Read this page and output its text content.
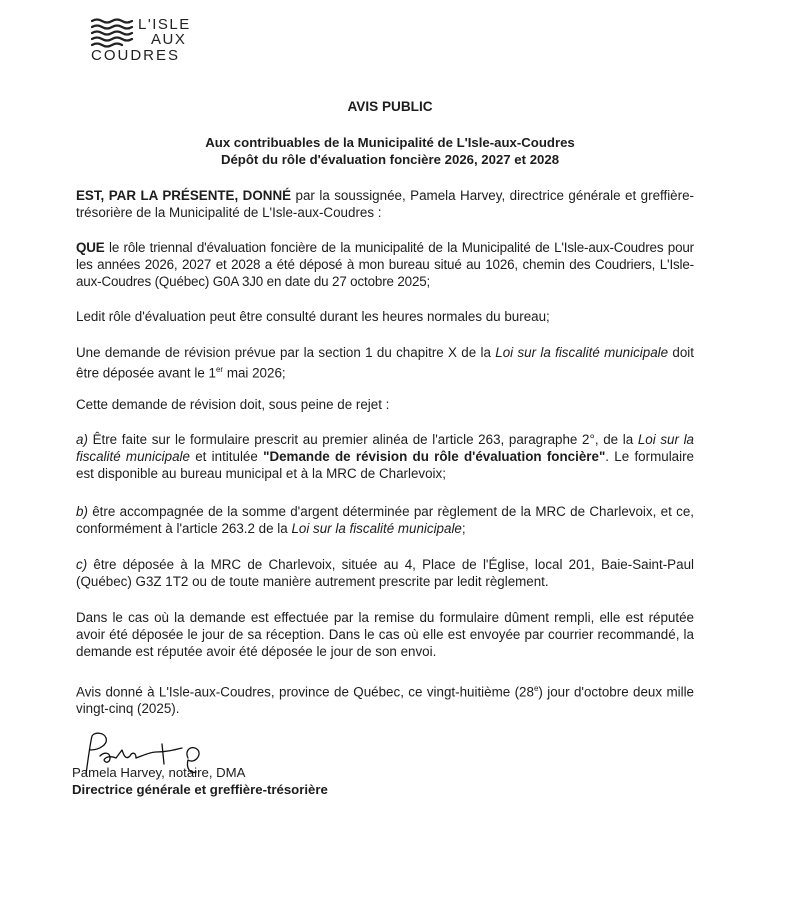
L'ISLE
AUX
COUDRES
AVIS PUBLIC
Aux contribuables de la Municipalité de L'Isle-aux-Coudres
Dépôt du rôle d'évaluation foncière 2026, 2027 et 2028

EST, PAR LA PRÉSENTE, DONNÉ par la soussignée, Pamela Harvey, directrice générale et greffière-trésorière de la Municipalité de L'Isle-aux-Coudres :

QUE le rôle triennal d'évaluation foncière de la municipalité de la Municipalité de L'Isle-aux-Coudres pour les années 2026, 2027 et 2028 a été déposé à mon bureau situé au 1026, chemin des Coudriers, L'Isle-aux-Coudres (Québec) G0A 3J0 en date du 27 octobre 2025;

Ledit rôle d'évaluation peut être consulté durant les heures normales du bureau;

Une demande de révision prévue par la section 1 du chapitre X de la Loi sur la fiscalité municipale doit être déposée avant le 1er mai 2026;

Cette demande de révision doit, sous peine de rejet :

a) Être faite sur le formulaire prescrit au premier alinéa de l'article 263, paragraphe 2°, de la Loi sur la fiscalité municipale et intitulée "Demande de révision du rôle d'évaluation foncière". Le formulaire est disponible au bureau municipal et à la MRC de Charlevoix;

b) être accompagnée de la somme d'argent déterminée par règlement de la MRC de Charlevoix, et ce, conformément à l'article 263.2 de la Loi sur la fiscalité municipale;

c) être déposée à la MRC de Charlevoix, située au 4, Place de l'Église, local 201, Baie-Saint-Paul (Québec) G3Z 1T2 ou de toute manière autrement prescrite par ledit règlement.

Dans le cas où la demande est effectuée par la remise du formulaire dûment rempli, elle est réputée avoir été déposée le jour de sa réception. Dans le cas où elle est envoyée par courrier recommandé, la demande est réputée avoir été déposée le jour de son envoi.

Avis donné à L'Isle-aux-Coudres, province de Québec, ce vingt-huitième (28e) jour d'octobre deux mille vingt-cinq (2025).

Pamela Harvey, notaire, DMA
Directrice générale et greffière-trésorière
